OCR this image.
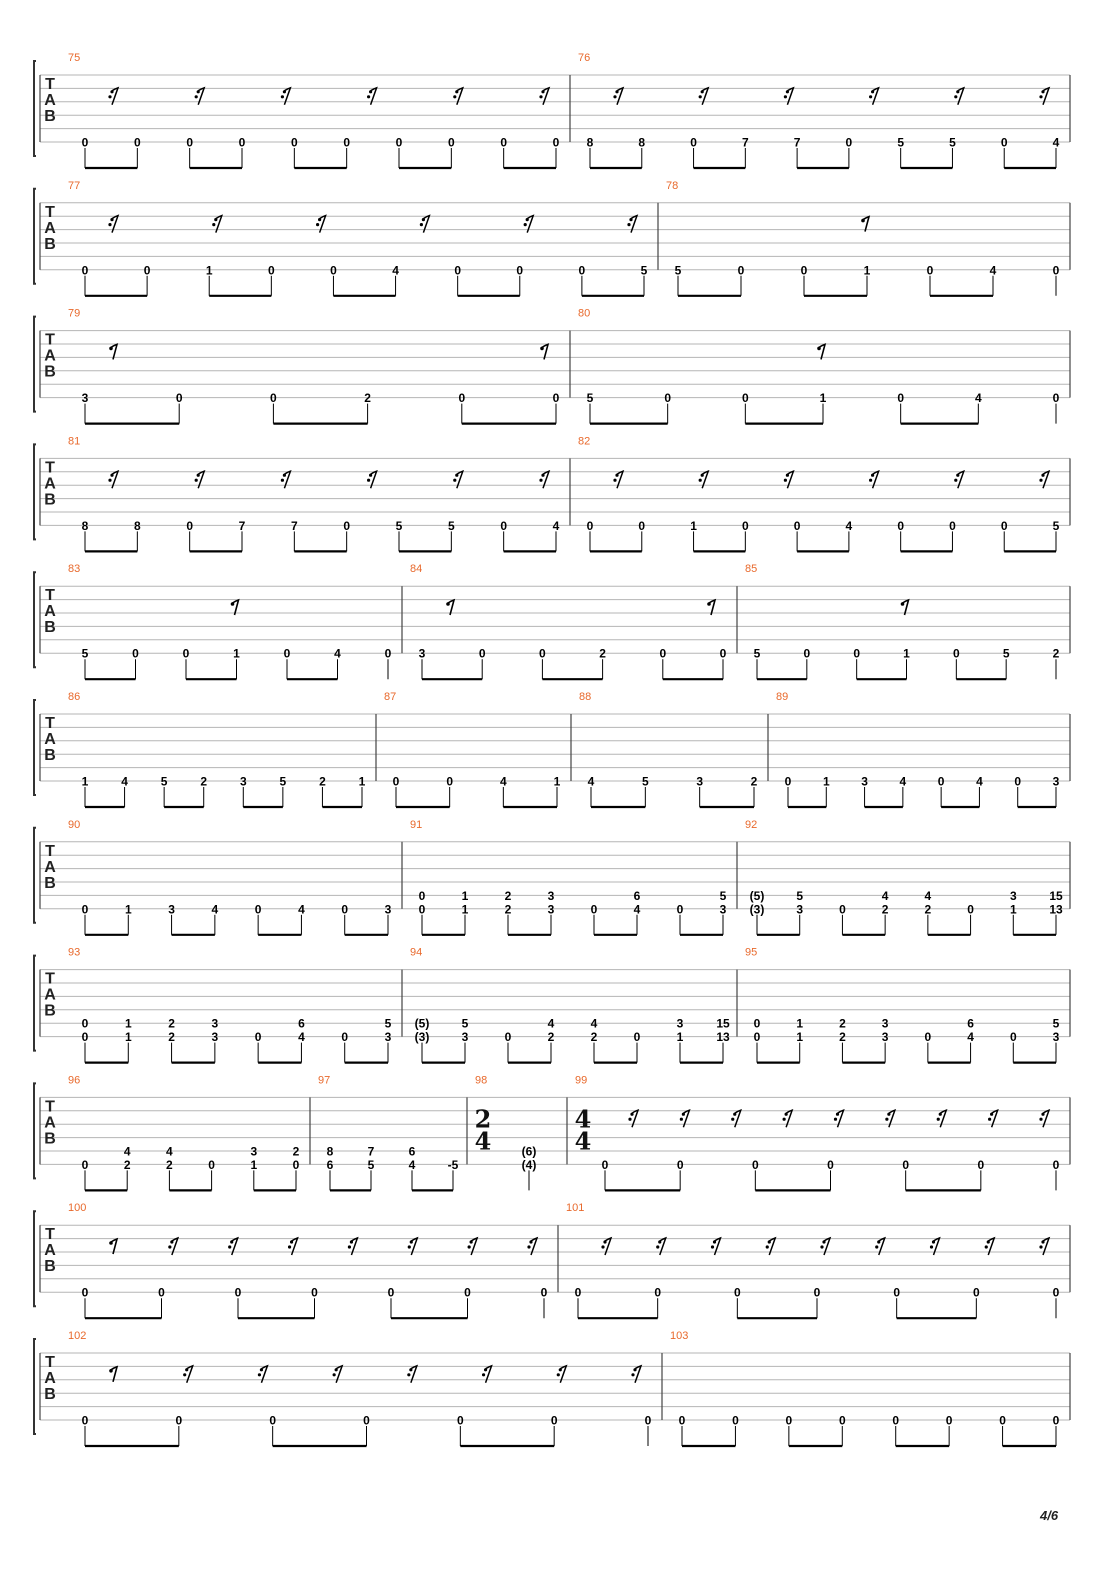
T
A
B
75
0	0	0	0	0	0	0	0	0	0
76
8	8	0	7	7	0	5	5	0	4
T
A
B
77
0	0	1	0	0	4	0	0	0	5
78
5	0	0	1	0	4	0
T
A
B
79
3	0	0	2	0	0
80
5	0	0	1	0	4	0
T
A
B
81
8	8	0	7	7	0	5	5	0	4
82
0	0	1	0	0	4	0	0	0	5
T
A
B
83
5	0	0	1	0	4	0
84
3	0	0	2	0	0
85
5	0	0	1	0	5	2
T
A
B
86
1	4	5	2	3	5	2	1
87
0	0	4	1
88
4	5	3	2
89
0	1	3	4	0	4	0	3
T
A
B
90
0	1	3	4	0	4	0	3
91
0
0
1
1
2
2
3
3	0
6
4	0
5
3
92
(5)
(3)
5
3	0
4
2
4
2	0
3
1
15
13
T
A
B
93
0
0
1
1
2
2
3
3	0
6
4	0
5
3
94
(5)
(3)
5
3	0
4
2
4
2	0
3
1
15
13
95
0
0
1
1
2
2
3
3	0
6
4	0
5
3
T
A
B
96
0
4
2
4
2	0
3
1
2
0
97
8
6
7
5
6
4	-5
98
2
4	(6)
(4)
99
4
4
0	0	0	0	0	0	0
T
A
B
100
0	0	0	0	0	0	0
101
0	0	0	0	0	0	0
T
A
B
102
0	0	0	0	0	0	0
103
0	0	0	0	0	0	0	0
4/6
